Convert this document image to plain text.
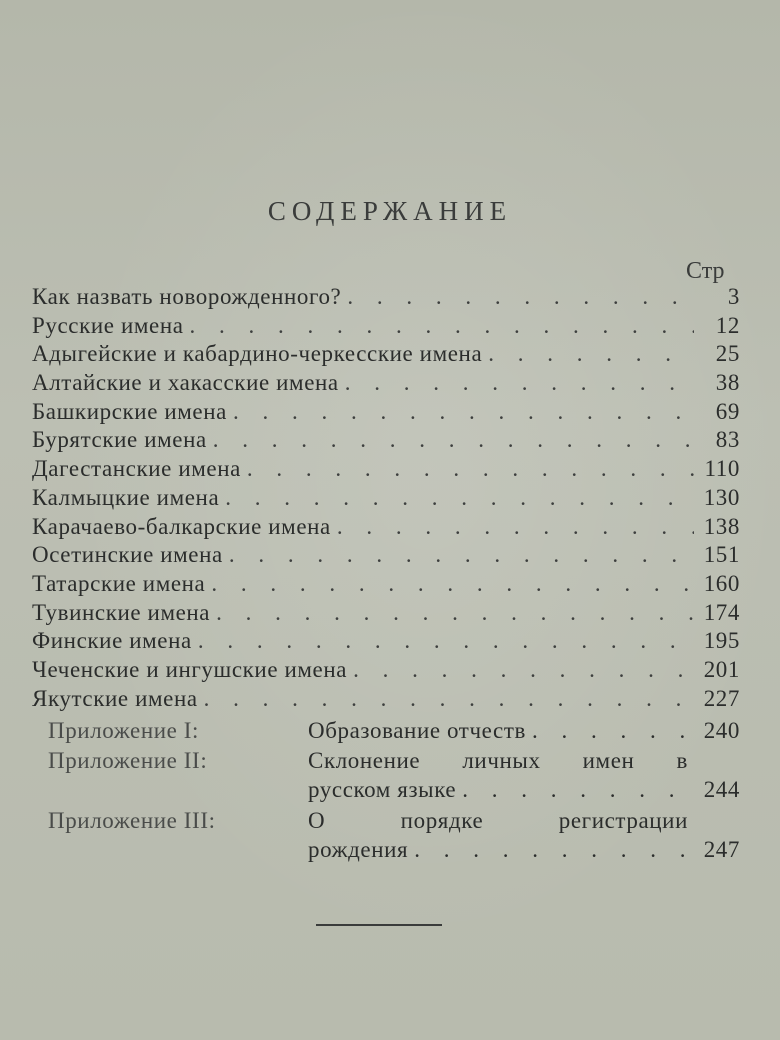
СОДЕРЖАНИЕ
Стр
Как назвать новорожденного? . . .	3
Русские имена . . .	12
Адыгейские и кабардино-черкесские имена . . .	25
Алтайские и хакасские имена . . .	38
Башкирские имена . . .	69
Бурятские имена . . .	83
Дагестанские имена . . .	110
Калмыцкие имена . . .	130
Карачаево-балкарские имена . . .	138
Осетинские имена . . .	151
Татарские имена . . .	160
Тувинские имена . . .	174
Финские имена . . .	195
Чеченские и ингушские имена . . .	201
Якутские имена . . .	227
Приложение I:	Образование отчеств . . .	240
Приложение II:	Склонение личных имен в
русском языке . . .	244
Приложение III:	О порядке регистрации
рождения . . .	247
